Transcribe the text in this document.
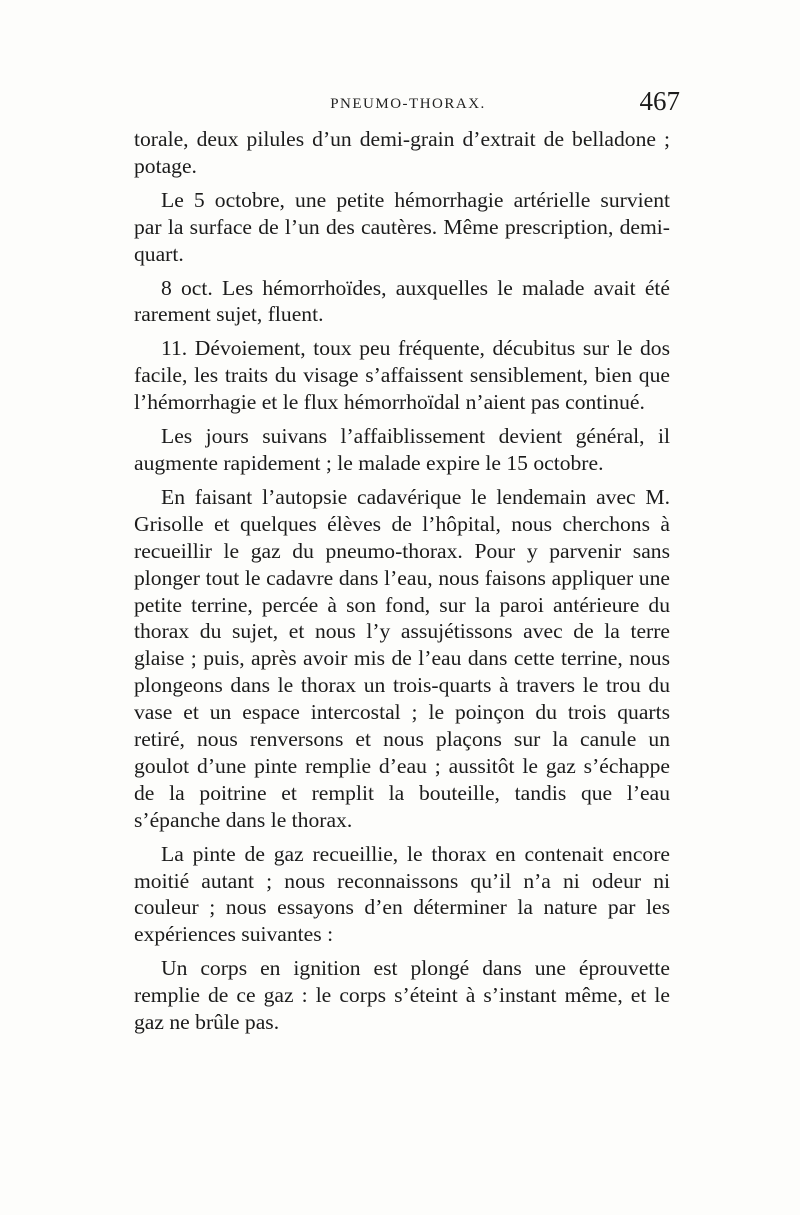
PNEUMO-THORAX.	467

torale, deux pilules d’un demi-grain d’extrait de belladone ; potage.

Le 5 octobre, une petite hémorrhagie artérielle survient par la surface de l’un des cautères. Même prescription, demi-quart.

8 oct. Les hémorrhoïdes, auxquelles le malade avait été rarement sujet, fluent.

11. Dévoiement, toux peu fréquente, décubitus sur le dos facile, les traits du visage s’affaissent sensiblement, bien que l’hémorrhagie et le flux hémorrhoïdal n’aient pas continué.

Les jours suivans l’affaiblissement devient général, il augmente rapidement ; le malade expire le 15 octobre.

En faisant l’autopsie cadavérique le lendemain avec M. Grisolle et quelques élèves de l’hôpital, nous cherchons à recueillir le gaz du pneumo-thorax. Pour y parvenir sans plonger tout le cadavre dans l’eau, nous faisons appliquer une petite terrine, percée à son fond, sur la paroi antérieure du thorax du sujet, et nous l’y assujétissons avec de la terre glaise ; puis, après avoir mis de l’eau dans cette terrine, nous plongeons dans le thorax un trois-quarts à travers le trou du vase et un espace intercostal ; le poinçon du trois quarts retiré, nous renversons et nous plaçons sur la canule un goulot d’une pinte remplie d’eau ; aussitôt le gaz s’échappe de la poitrine et remplit la bouteille, tandis que l’eau s’épanche dans le thorax.

La pinte de gaz recueillie, le thorax en contenait encore moitié autant ; nous reconnaissons qu’il n’a ni odeur ni couleur ; nous essayons d’en déterminer la nature par les expériences suivantes :

Un corps en ignition est plongé dans une éprouvette remplie de ce gaz : le corps s’éteint à s’instant même, et le gaz ne brûle pas.
